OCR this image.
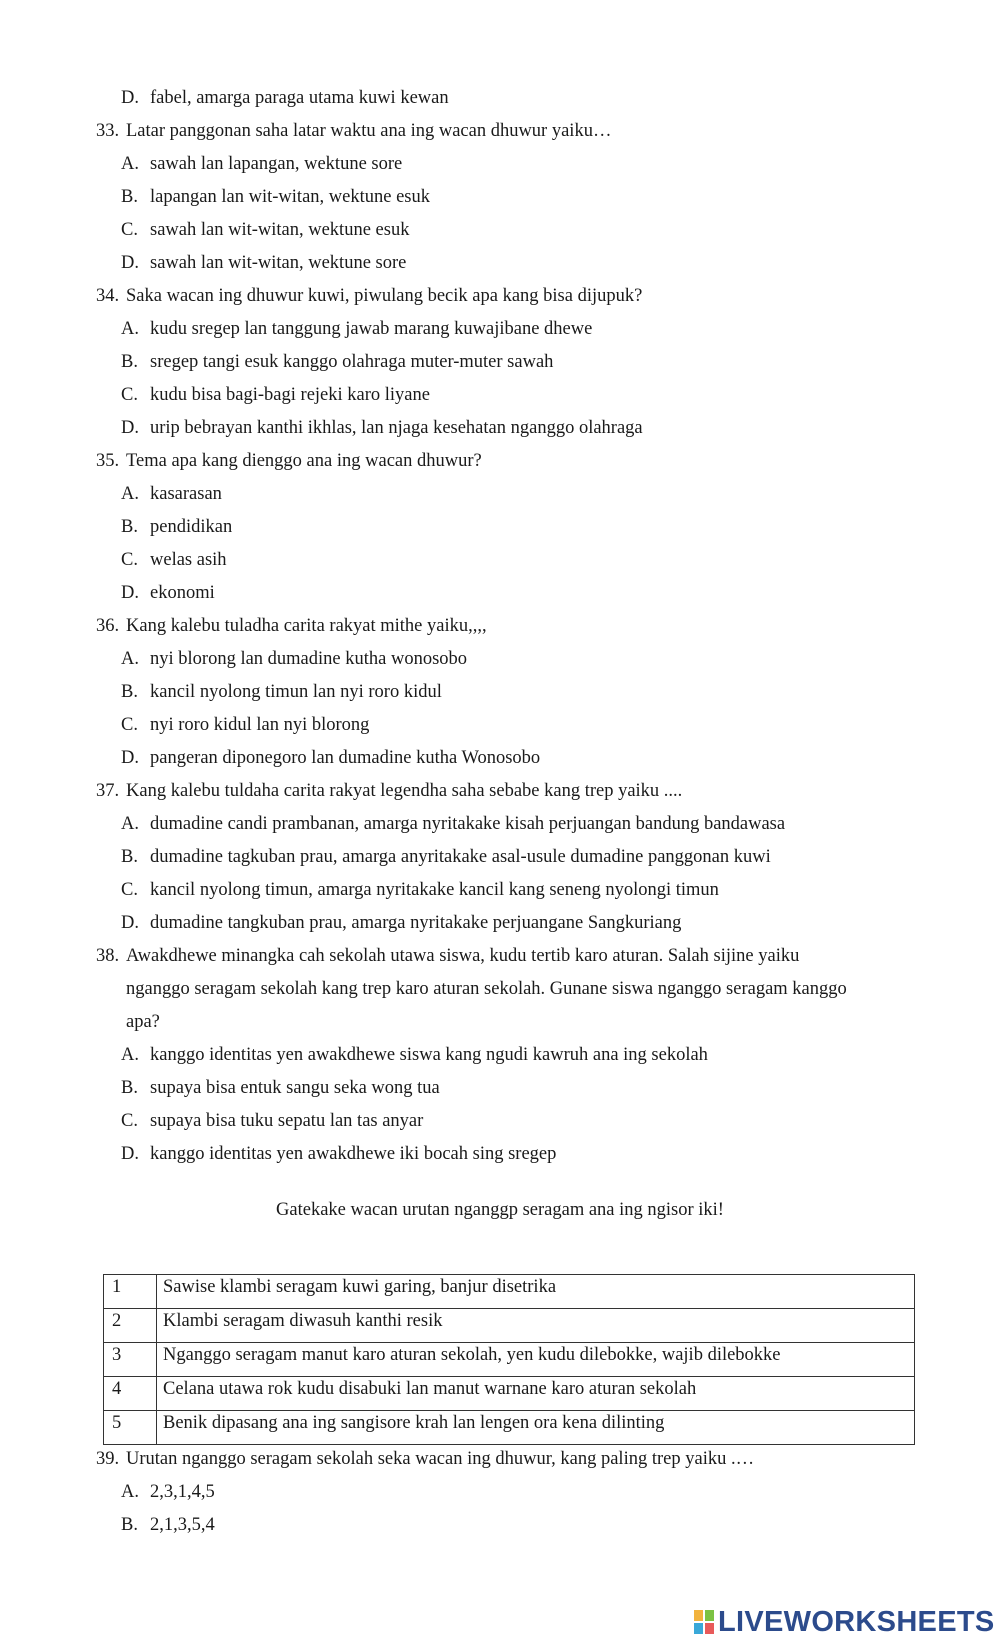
D. fabel, amarga paraga utama kuwi kewan
33. Latar panggonan saha latar waktu ana ing wacan dhuwur yaiku…
A. sawah lan lapangan, wektune sore
B. lapangan lan wit-witan, wektune esuk
C. sawah lan wit-witan, wektune esuk
D. sawah lan wit-witan, wektune sore
34. Saka wacan ing dhuwur kuwi, piwulang becik apa kang bisa dijupuk?
A. kudu sregep lan tanggung jawab marang kuwajibane dhewe
B. sregep tangi esuk kanggo olahraga muter-muter sawah
C. kudu bisa bagi-bagi rejeki karo liyane
D. urip bebrayan kanthi ikhlas, lan njaga kesehatan nganggo olahraga
35. Tema apa kang dienggo ana ing wacan dhuwur?
A. kasarasan
B. pendidikan
C. welas asih
D. ekonomi
36. Kang kalebu tuladha carita rakyat mithe yaiku,,,,
A. nyi blorong lan dumadine kutha wonosobo
B. kancil nyolong timun lan nyi roro kidul
C. nyi roro kidul lan nyi blorong
D. pangeran diponegoro lan dumadine kutha Wonosobo
37. Kang kalebu tuldaha carita rakyat legendha saha sebabe kang trep yaiku ....
A. dumadine candi prambanan, amarga nyritakake kisah perjuangan bandung bandawasa
B. dumadine tagkuban prau, amarga anyritakake asal-usule dumadine panggonan kuwi
C. kancil nyolong timun, amarga nyritakake kancil kang seneng nyolongi timun
D. dumadine tangkuban prau, amarga nyritakake perjuangane Sangkuriang
38. Awakdhewe minangka cah sekolah utawa siswa, kudu tertib karo aturan. Salah sijine yaiku
nganggo seragam sekolah kang trep karo aturan sekolah. Gunane siswa nganggo seragam kanggo
apa?
A. kanggo identitas yen awakdhewe siswa kang ngudi kawruh ana ing sekolah
B. supaya bisa entuk sangu seka wong tua
C. supaya bisa tuku sepatu lan tas anyar
D. kanggo identitas yen awakdhewe iki bocah sing sregep
Gatekake wacan urutan nganggp seragam ana ing ngisor iki!
1	Sawise klambi seragam kuwi garing, banjur disetrika
2	Klambi seragam diwasuh kanthi resik
3	Nganggo seragam manut karo aturan sekolah, yen kudu dilebokke, wajib dilebokke
4	Celana utawa rok kudu disabuki lan manut warnane karo aturan sekolah
5	Benik dipasang ana ing sangisore krah lan lengen ora kena dilinting
39. Urutan nganggo seragam sekolah seka wacan ing dhuwur, kang paling trep yaiku .…
A. 2,3,1,4,5
B. 2,1,3,5,4
LIVEWORKSHEETS
